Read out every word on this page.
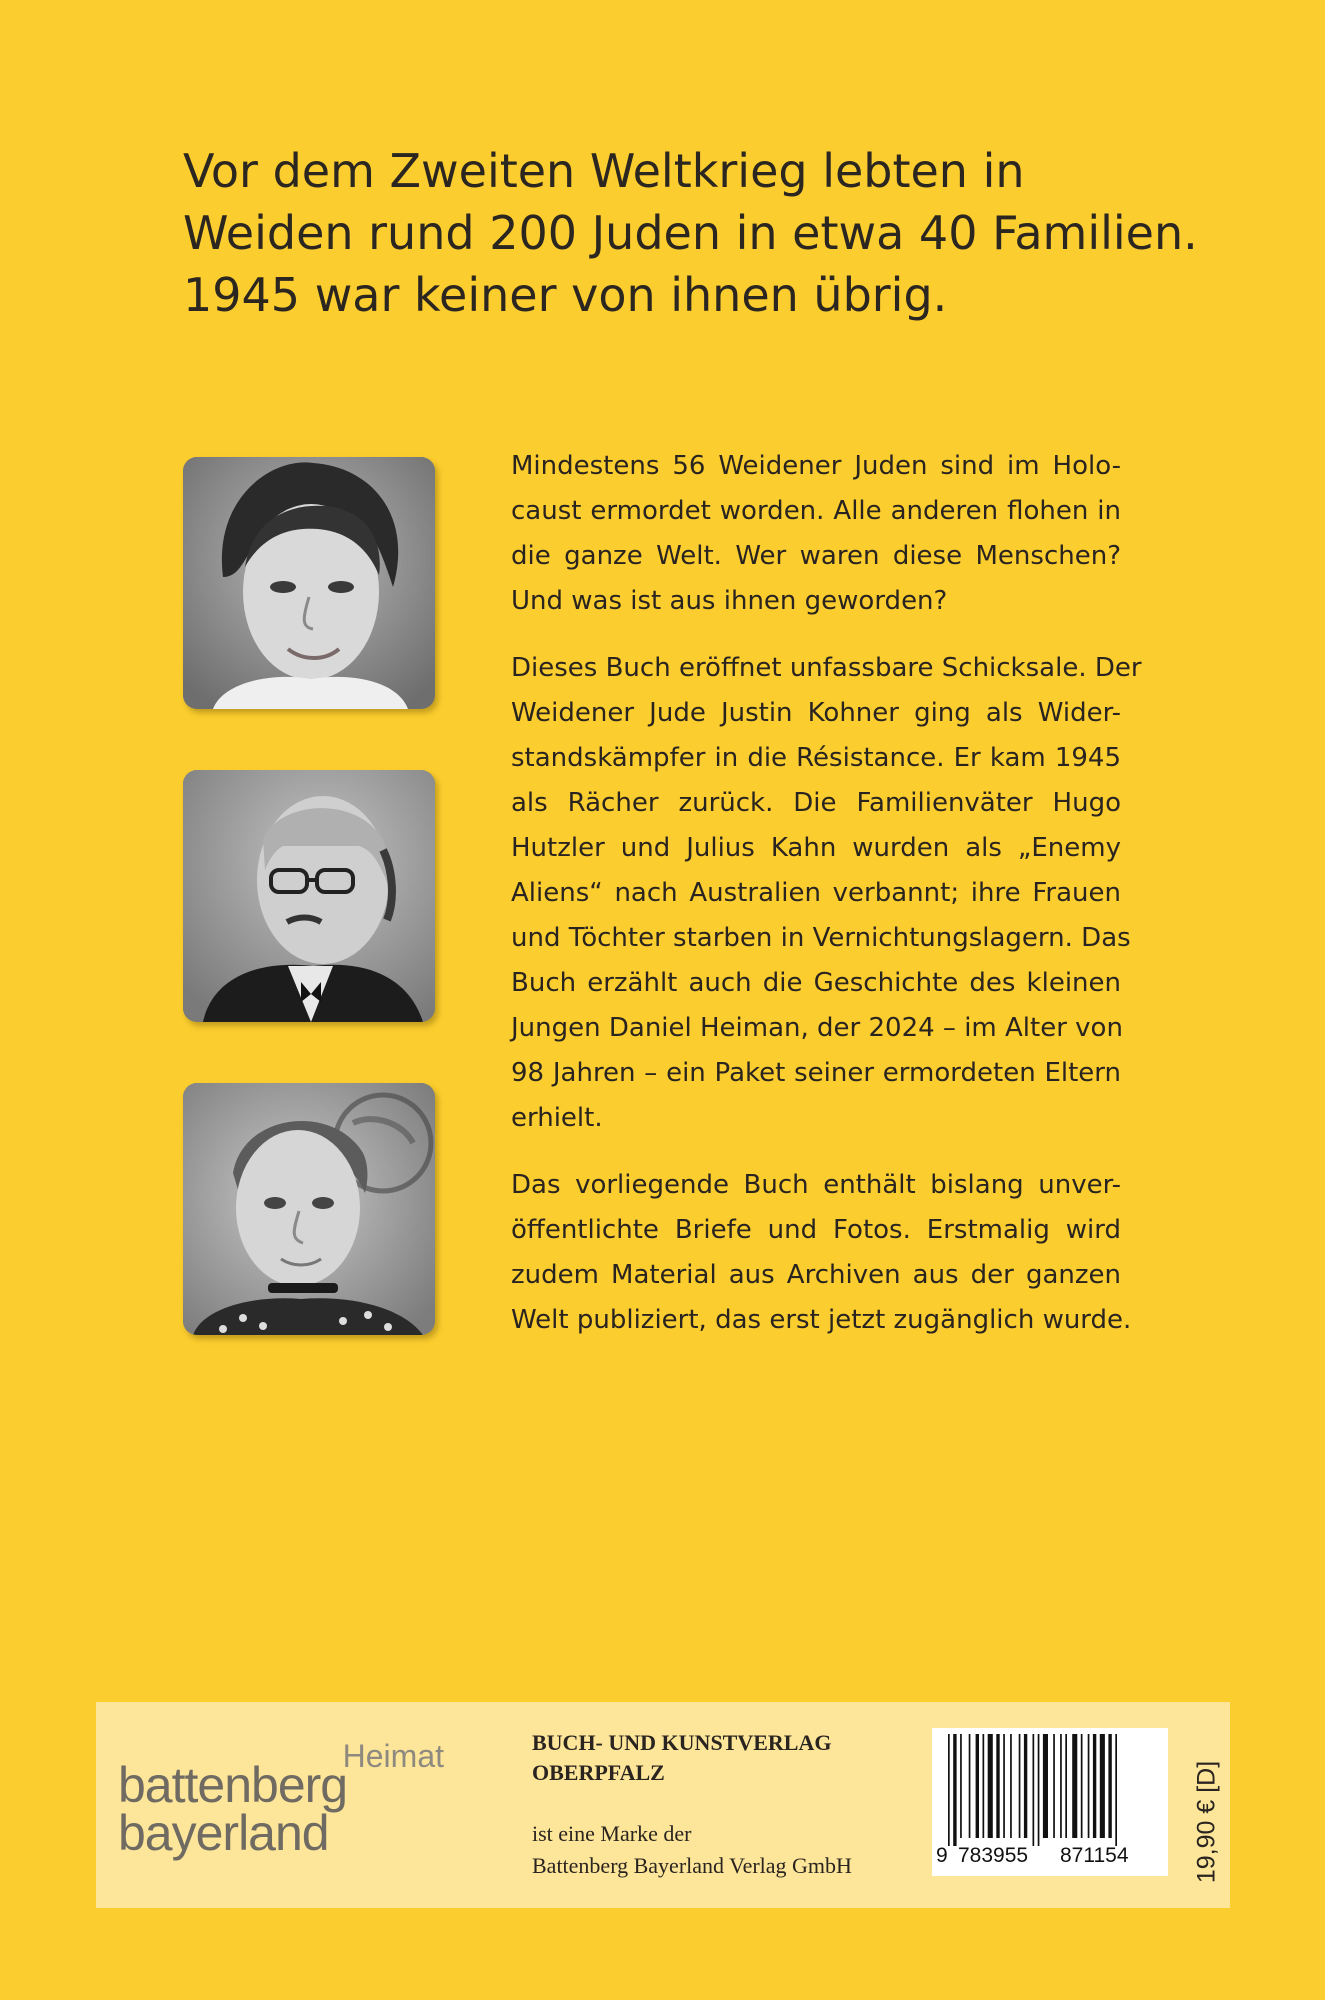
Vor dem Zweiten Weltkrieg lebten in
Weiden rund 200 Juden in etwa 40 Familien.
1945 war keiner von ihnen übrig.

Mindestens 56 Weidener Juden sind im Holo-
caust ermordet worden. Alle anderen flohen in
die ganze Welt. Wer waren diese Menschen?
Und was ist aus ihnen geworden?

Dieses Buch eröffnet unfassbare Schicksale. Der
Weidener Jude Justin Kohner ging als Wider-
standskämpfer in die Résistance. Er kam 1945
als Rächer zurück. Die Familienväter Hugo
Hutzler und Julius Kahn wurden als „Enemy
Aliens“ nach Australien verbannt; ihre Frauen
und Töchter starben in Vernichtungslagern. Das
Buch erzählt auch die Geschichte des kleinen
Jungen Daniel Heiman, der 2024 – im Alter von
98 Jahren – ein Paket seiner ermordeten Eltern
erhielt.

Das vorliegende Buch enthält bislang unver-
öffentlichte Briefe und Fotos. Erstmalig wird
zudem Material aus Archiven aus der ganzen
Welt publiziert, das erst jetzt zugänglich wurde.

Heimat
battenberg
bayerland
BUCH- UND KUNSTVERLAG
OBERPFALZ
ist eine Marke der
Battenberg Bayerland Verlag GmbH	9 783955 871154	19,90 € [D]
